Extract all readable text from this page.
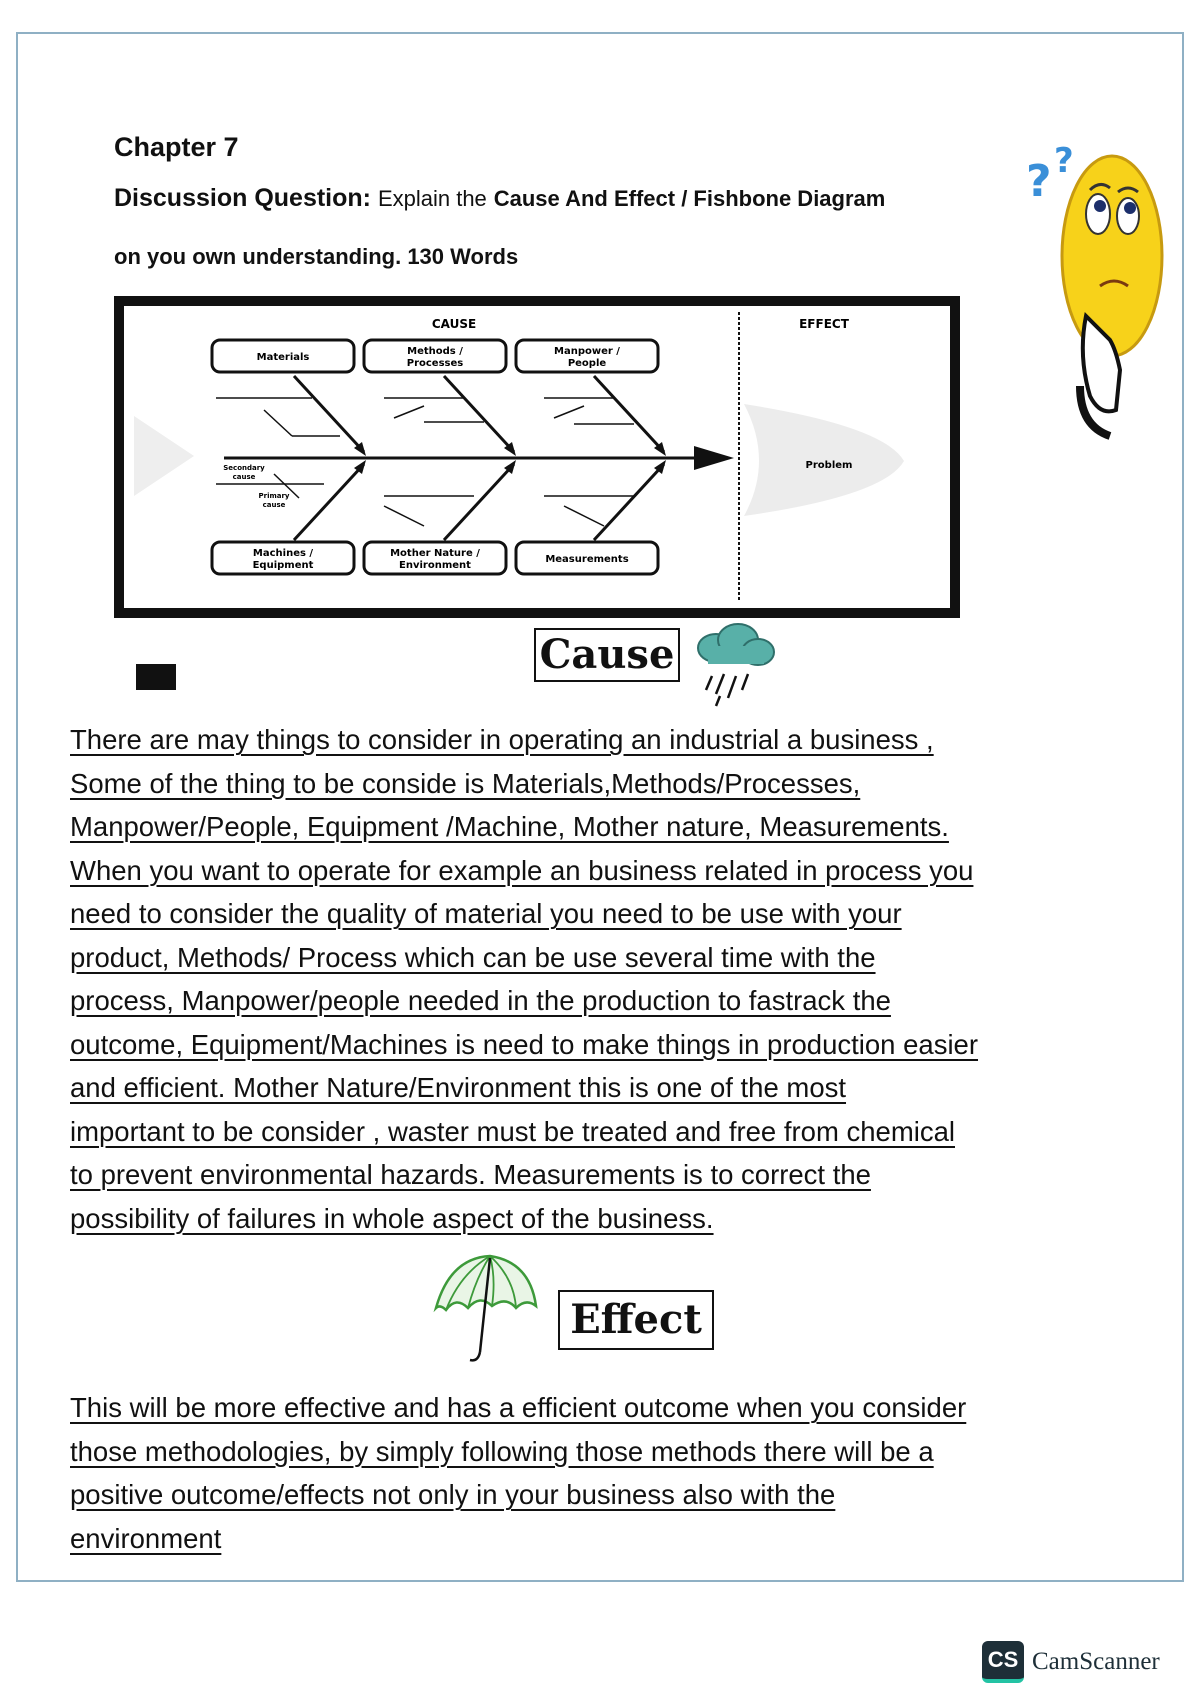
Chapter 7
Discussion Question: Explain the Cause And Effect / Fishbone Diagram
on you own understanding. 130 Words
? ?
CAUSE	EFFECT
Problem
Materials
Methods /
Processes
Manpower /
People
Machines /
Equipment
Mother Nature /
Environment
Measurements
Secondary
cause
Primary
cause
Cause
There are may things to consider in operating an industrial a business ,
Some of the thing to be conside is Materials,Methods/Processes,
Manpower/People, Equipment /Machine, Mother nature, Measurements.
When you want to operate for example an business related in process you
need to consider the quality of material you need to be use with your
product, Methods/ Process which can be use several time with the
process, Manpower/people needed in the production to fastrack the
outcome, Equipment/Machines is need to make things in production easier
and efficient. Mother Nature/Environment this is one of the most
important to be consider , waster must be treated and free from chemical
to prevent environmental hazards. Measurements is to correct the
possibility of failures in whole aspect of the business.
Effect
This will be more effective and has a efficient outcome when you consider
those methodologies, by simply following those methods there will be a
positive outcome/effects not only in your business also with the
environment
CS CamScanner
